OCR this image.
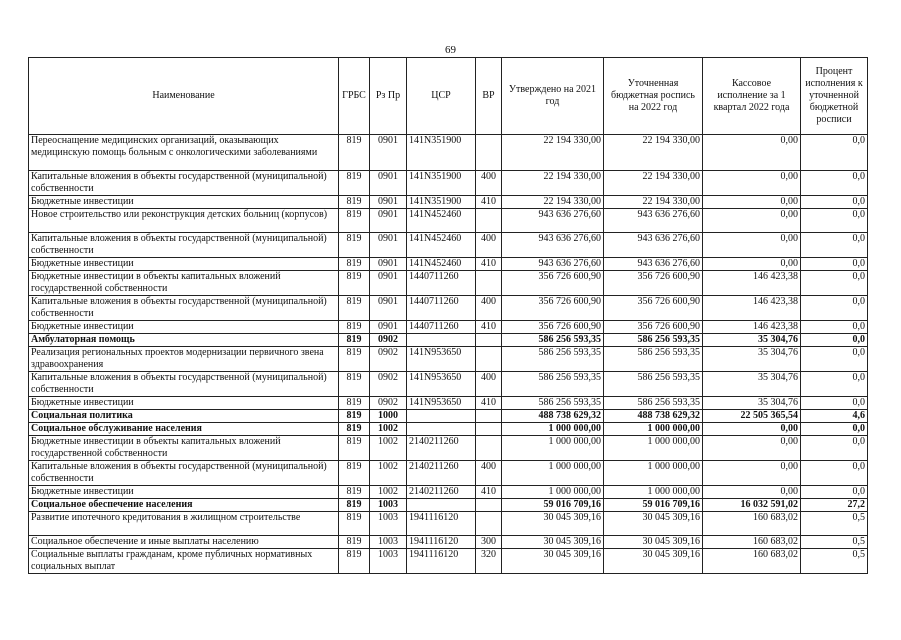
69
Наименование	ГРБС	Рз Пр	ЦСР	ВР	Утверждено на 2021 год	Уточненная бюджетная роспись на 2022 год	Кассовое исполнение за 1 квартал 2022 года	Процент исполнения к уточненной бюджетной росписи
Переоснащение медицинских организаций, оказывающих медицинскую помощь больным с онкологическими заболеваниями	819	0901	141N351900		22 194 330,00	22 194 330,00	0,00	0,0
Капитальные вложения в объекты государственной (муниципальной) собственности	819	0901	141N351900	400	22 194 330,00	22 194 330,00	0,00	0,0
Бюджетные инвестиции	819	0901	141N351900	410	22 194 330,00	22 194 330,00	0,00	0,0
Новое строительство или реконструкция детских больниц (корпусов)	819	0901	141N452460		943 636 276,60	943 636 276,60	0,00	0,0
Капитальные вложения в объекты государственной (муниципальной) собственности	819	0901	141N452460	400	943 636 276,60	943 636 276,60	0,00	0,0
Бюджетные инвестиции	819	0901	141N452460	410	943 636 276,60	943 636 276,60	0,00	0,0
Бюджетные инвестиции в объекты капитальных вложений государственной собственности	819	0901	1440711260		356 726 600,90	356 726 600,90	146 423,38	0,0
Капитальные вложения в объекты государственной (муниципальной) собственности	819	0901	1440711260	400	356 726 600,90	356 726 600,90	146 423,38	0,0
Бюджетные инвестиции	819	0901	1440711260	410	356 726 600,90	356 726 600,90	146 423,38	0,0
Амбулаторная помощь	819	0902			586 256 593,35	586 256 593,35	35 304,76	0,0
Реализация региональных проектов модернизации первичного звена здравоохранения	819	0902	141N953650		586 256 593,35	586 256 593,35	35 304,76	0,0
Капитальные вложения в объекты государственной (муниципальной) собственности	819	0902	141N953650	400	586 256 593,35	586 256 593,35	35 304,76	0,0
Бюджетные инвестиции	819	0902	141N953650	410	586 256 593,35	586 256 593,35	35 304,76	0,0
Социальная политика	819	1000			488 738 629,32	488 738 629,32	22 505 365,54	4,6
Социальное обслуживание населения	819	1002			1 000 000,00	1 000 000,00	0,00	0,0
Бюджетные инвестиции в объекты капитальных вложений государственной собственности	819	1002	2140211260		1 000 000,00	1 000 000,00	0,00	0,0
Капитальные вложения в объекты государственной (муниципальной) собственности	819	1002	2140211260	400	1 000 000,00	1 000 000,00	0,00	0,0
Бюджетные инвестиции	819	1002	2140211260	410	1 000 000,00	1 000 000,00	0,00	0,0
Социальное обеспечение населения	819	1003			59 016 709,16	59 016 709,16	16 032 591,02	27,2
Развитие ипотечного кредитования в жилищном строительстве	819	1003	1941116120		30 045 309,16	30 045 309,16	160 683,02	0,5
Социальное обеспечение и иные выплаты населению	819	1003	1941116120	300	30 045 309,16	30 045 309,16	160 683,02	0,5
Социальные выплаты гражданам, кроме публичных нормативных социальных выплат	819	1003	1941116120	320	30 045 309,16	30 045 309,16	160 683,02	0,5
